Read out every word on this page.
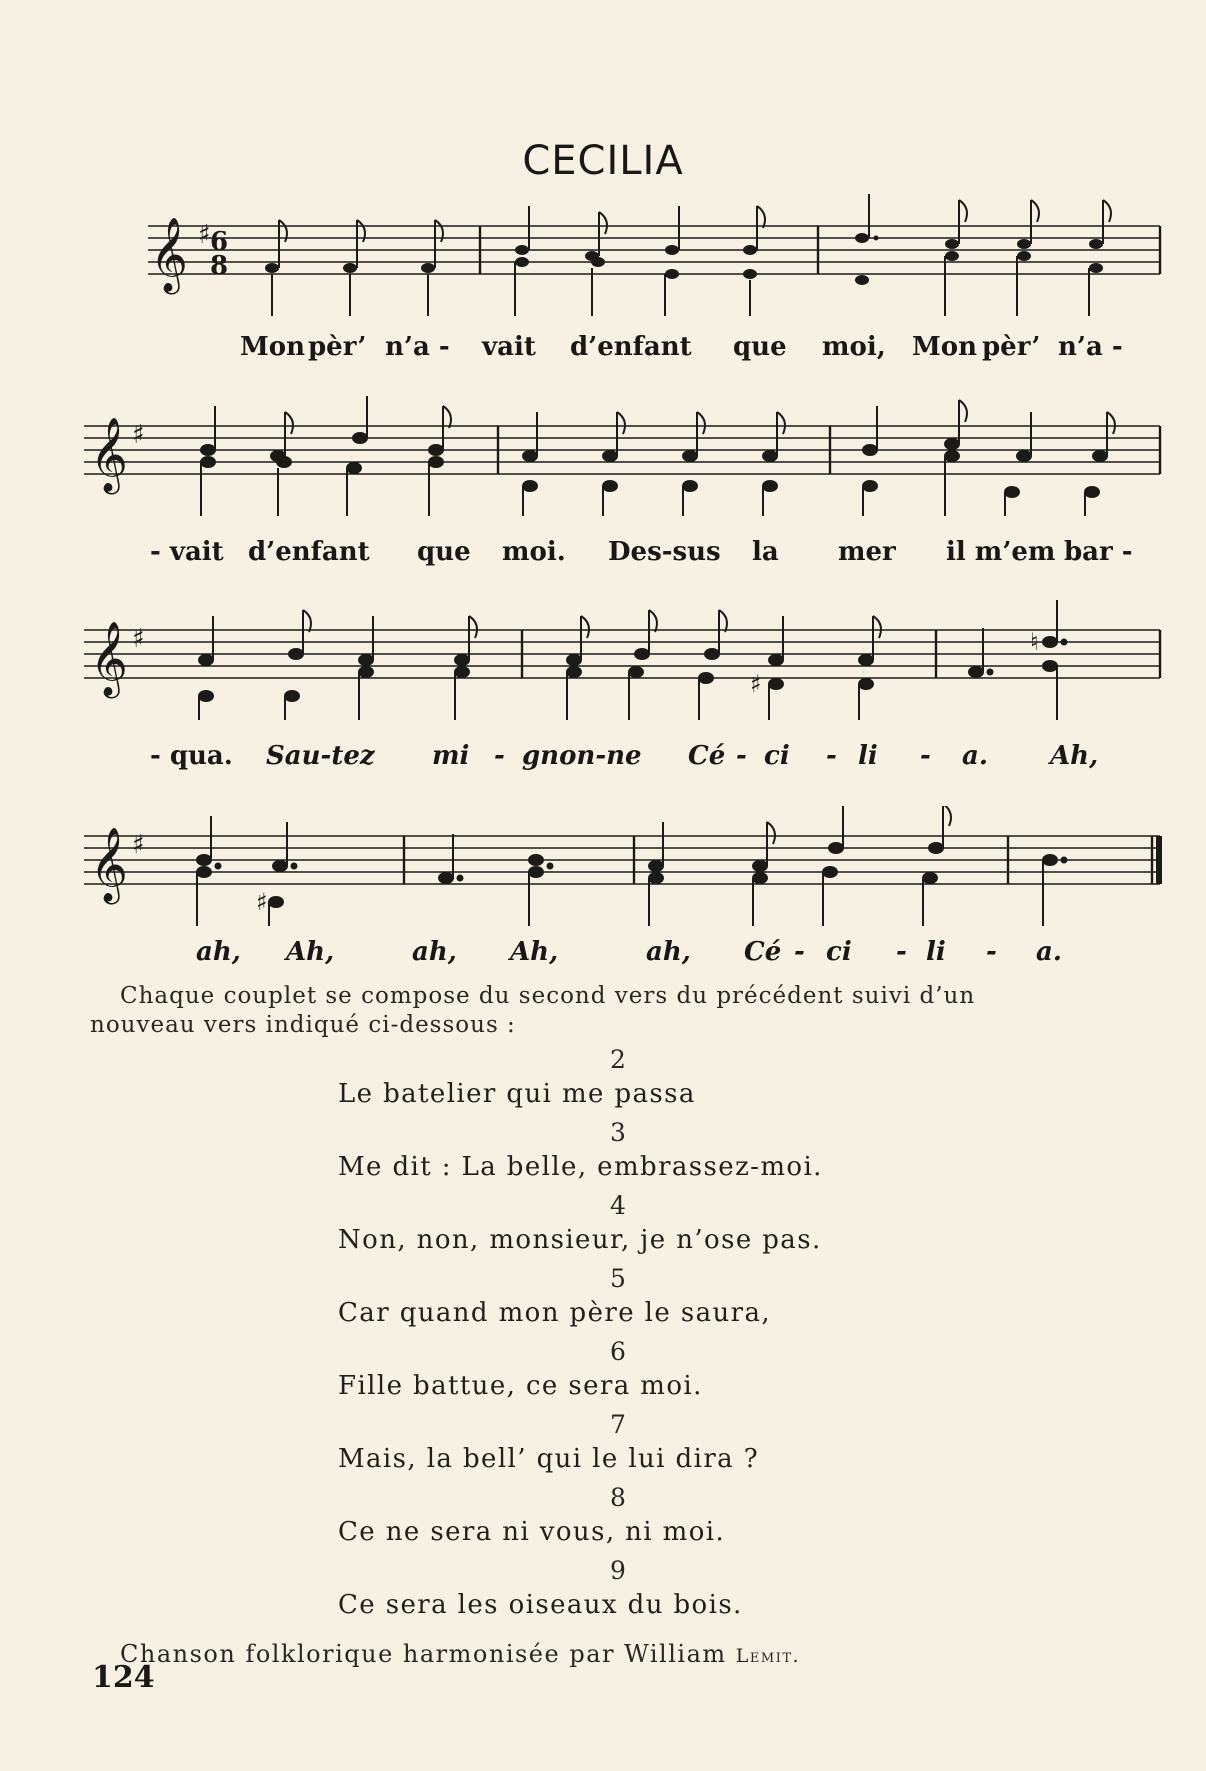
CECILIA
𝄞 ♯ 6
8
Mon pèr’ n’a - vait d’enfant que moi, Mon pèr’ n’a -
𝄞 ♯
- vait d’enfant que moi. Des-sus la mer il m’em bar -
𝄞 ♯
♯
♮
- qua. Sau-tez mi - gnon-ne Cé - ci - li - a. Ah,
𝄞 ♯
♯
ah, Ah,	ah, Ah,	ah, Cé - ci - li - a.
Chaque couplet se compose du second vers du précédent suivi d’un
nouveau vers indiqué ci-dessous :
2
Le batelier qui me passa
3
Me dit : La belle, embrassez-moi.
4
Non, non, monsieur, je n’ose pas.
5
Car quand mon père le saura,
6
Fille battue, ce sera moi.
7
Mais, la bell’ qui le lui dira ?
8
Ce ne sera ni vous, ni moi.
9
Ce sera les oiseaux du bois.
Chanson folklorique harmonisée par William Lemit.
124
